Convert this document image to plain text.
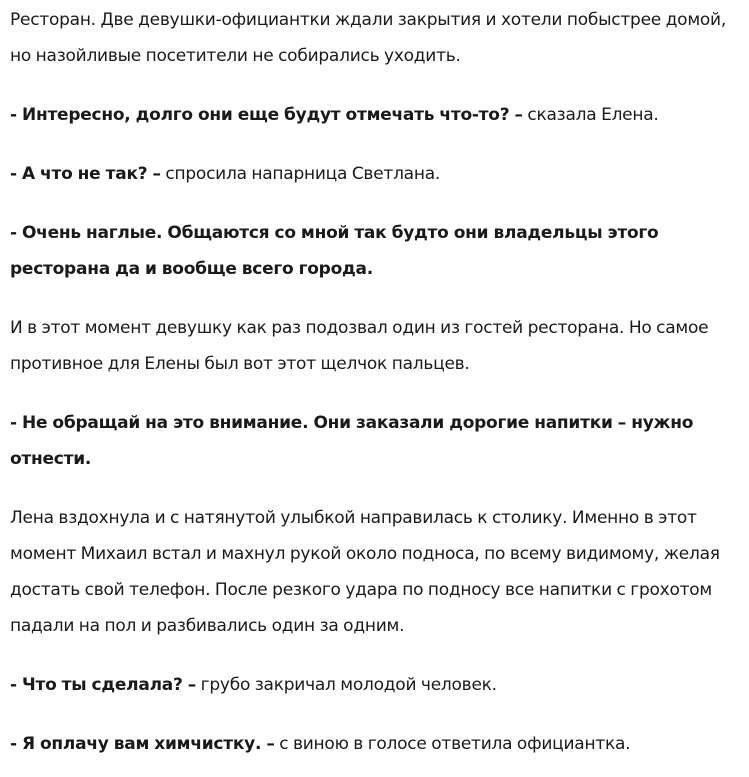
Ресторан. Две девушки-официантки ждали закрытия и хотели побыстрее домой, но назойливые посетители не собирались уходить.

- Интересно, долго они еще будут отмечать что-то? – сказала Елена.

- А что не так? – спросила напарница Светлана.

- Очень наглые. Общаются со мной так будто они владельцы этого ресторана да и вообще всего города.

И в этот момент девушку как раз подозвал один из гостей ресторана. Но самое противное для Елены был вот этот щелчок пальцев.

- Не обращай на это внимание. Они заказали дорогие напитки – нужно отнести.

Лена вздохнула и с натянутой улыбкой направилась к столику. Именно в этот момент Михаил встал и махнул рукой около подноса, по всему видимому, желая достать свой телефон. После резкого удара по подносу все напитки с грохотом падали на пол и разбивались один за одним.

- Что ты сделала? – грубо закричал молодой человек.

- Я оплачу вам химчистку. – с виною в голосе ответила официантка.
